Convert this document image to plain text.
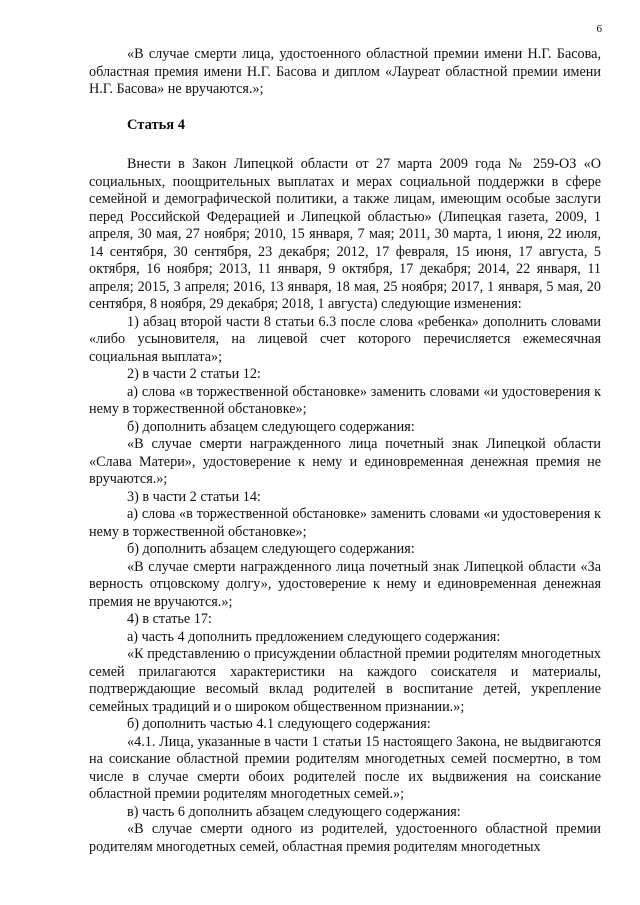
6

«В случае смерти лица, удостоенного областной премии имени Н.Г. Басова, областная премия имени Н.Г. Басова и диплом «Лауреат областной премии имени Н.Г. Басова» не вручаются.»;

Статья 4

Внести в Закон Липецкой области от 27 марта 2009 года № 259-ОЗ «О социальных, поощрительных выплатах и мерах социальной поддержки в сфере семейной и демографической политики, а также лицам, имеющим особые заслуги перед Российской Федерацией и Липецкой областью» (Липецкая газета, 2009, 1 апреля, 30 мая, 27 ноября; 2010, 15 января, 7 мая; 2011, 30 марта, 1 июня, 22 июля, 14 сентября, 30 сентября, 23 декабря; 2012, 17 февраля, 15 июня, 17 августа, 5 октября, 16 ноября; 2013, 11 января, 9 октября, 17 декабря; 2014, 22 января, 11 апреля; 2015, 3 апреля; 2016, 13 января, 18 мая, 25 ноября; 2017, 1 января, 5 мая, 20 сентября, 8 ноября, 29 декабря; 2018, 1 августа) следующие изменения:

1) абзац второй части 8 статьи 6.3 после слова «ребенка» дополнить словами «либо усыновителя, на лицевой счет которого перечисляется ежемесячная социальная выплата»;

2) в части 2 статьи 12:

а) слова «в торжественной обстановке» заменить словами «и удостоверения к нему в торжественной обстановке»;

б) дополнить абзацем следующего содержания:

«В случае смерти награжденного лица почетный знак Липецкой области «Слава Матери», удостоверение к нему и единовременная денежная премия не вручаются.»;

3) в части 2 статьи 14:

а) слова «в торжественной обстановке» заменить словами «и удостоверения к нему в торжественной обстановке»;

б) дополнить абзацем следующего содержания:

«В случае смерти награжденного лица почетный знак Липецкой области «За верность отцовскому долгу», удостоверение к нему и единовременная денежная премия не вручаются.»;

4) в статье 17:

а) часть 4 дополнить предложением следующего содержания:

«К представлению о присуждении областной премии родителям многодетных семей прилагаются характеристики на каждого соискателя и материалы, подтверждающие весомый вклад родителей в воспитание детей, укрепление семейных традиций и о широком общественном признании.»;

б) дополнить частью 4.1 следующего содержания:

«4.1. Лица, указанные в части 1 статьи 15 настоящего Закона, не выдвигаются на соискание областной премии родителям многодетных семей посмертно, в том числе в случае смерти обоих родителей после их выдвижения на соискание областной премии родителям многодетных семей.»;

в) часть 6 дополнить абзацем следующего содержания:

«В случае смерти одного из родителей, удостоенного областной премии родителям многодетных семей, областная премия родителям многодетных
